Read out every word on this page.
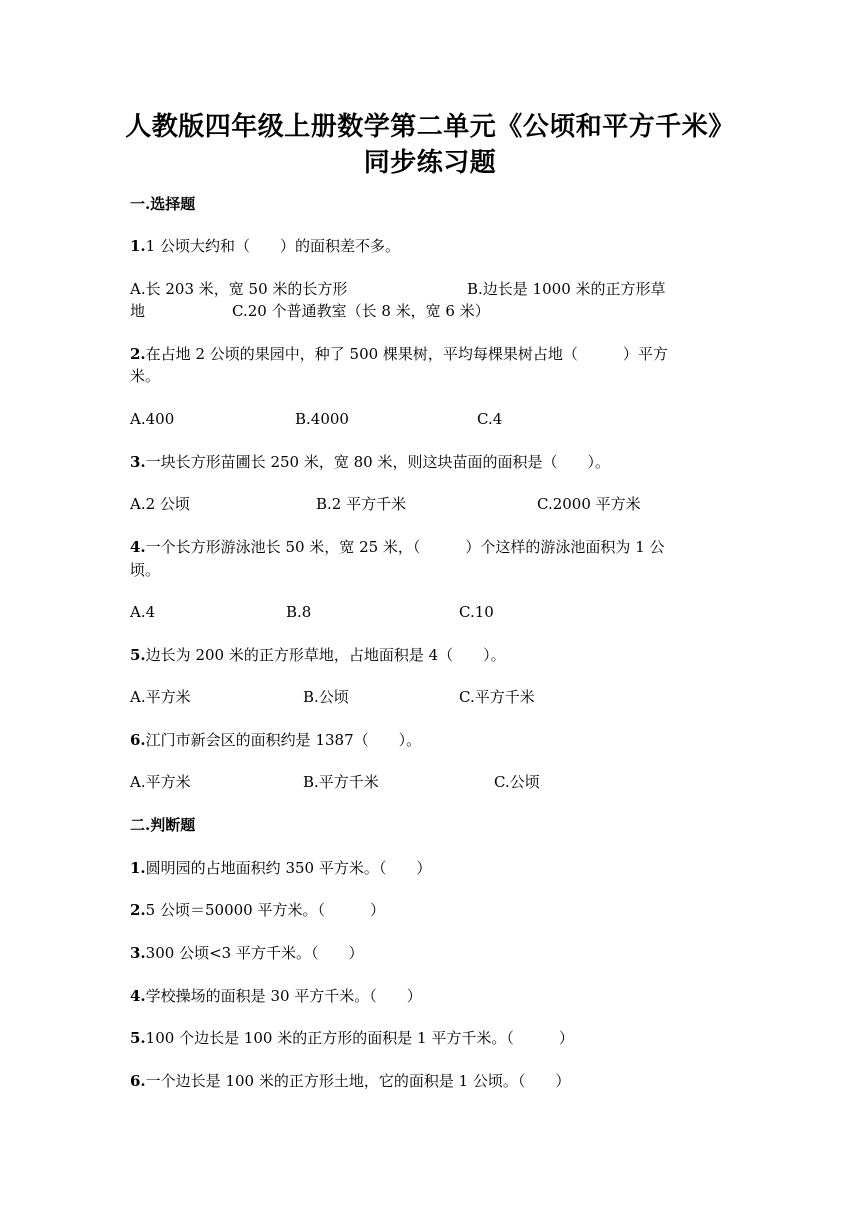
人教版四年级上册数学第二单元《公顷和平方千米》
同步练习题
一.选择题
1.1 公顷大约和（　　）的面积差不多。
A.长 203 米，宽 50 米的长方形	B.边长是 1000 米的正方形草
地	C.20 个普通教室（长 8 米，宽 6 米）
2.在占地 2 公顷的果园中，种了 500 棵果树，平均每棵果树占地（　　　）平方
米。
A.400	B.4000	C.4
3.一块长方形苗圃长 250 米，宽 80 米，则这块苗面的面积是（　　）。
A.2 公顷	B.2 平方千米	C.2000 平方米
4.一个长方形游泳池长 50 米，宽 25 米，（　　　）个这样的游泳池面积为 1 公
顷。
A.4	B.8	C.10
5.边长为 200 米的正方形草地，占地面积是 4（　　）。
A.平方米	B.公顷	C.平方千米
6.江门市新会区的面积约是 1387（　　）。
A.平方米	B.平方千米	C.公顷
二.判断题
1.圆明园的占地面积约 350 平方米。（　　）
2.5 公顷＝50000 平方米。（　　　）
3.300 公顷<3 平方千米。（　　）
4.学校操场的面积是 30 平方千米。（　　）
5.100 个边长是 100 米的正方形的面积是 1 平方千米。（　　　）
6.一个边长是 100 米的正方形土地，它的面积是 1 公顷。（　　）
